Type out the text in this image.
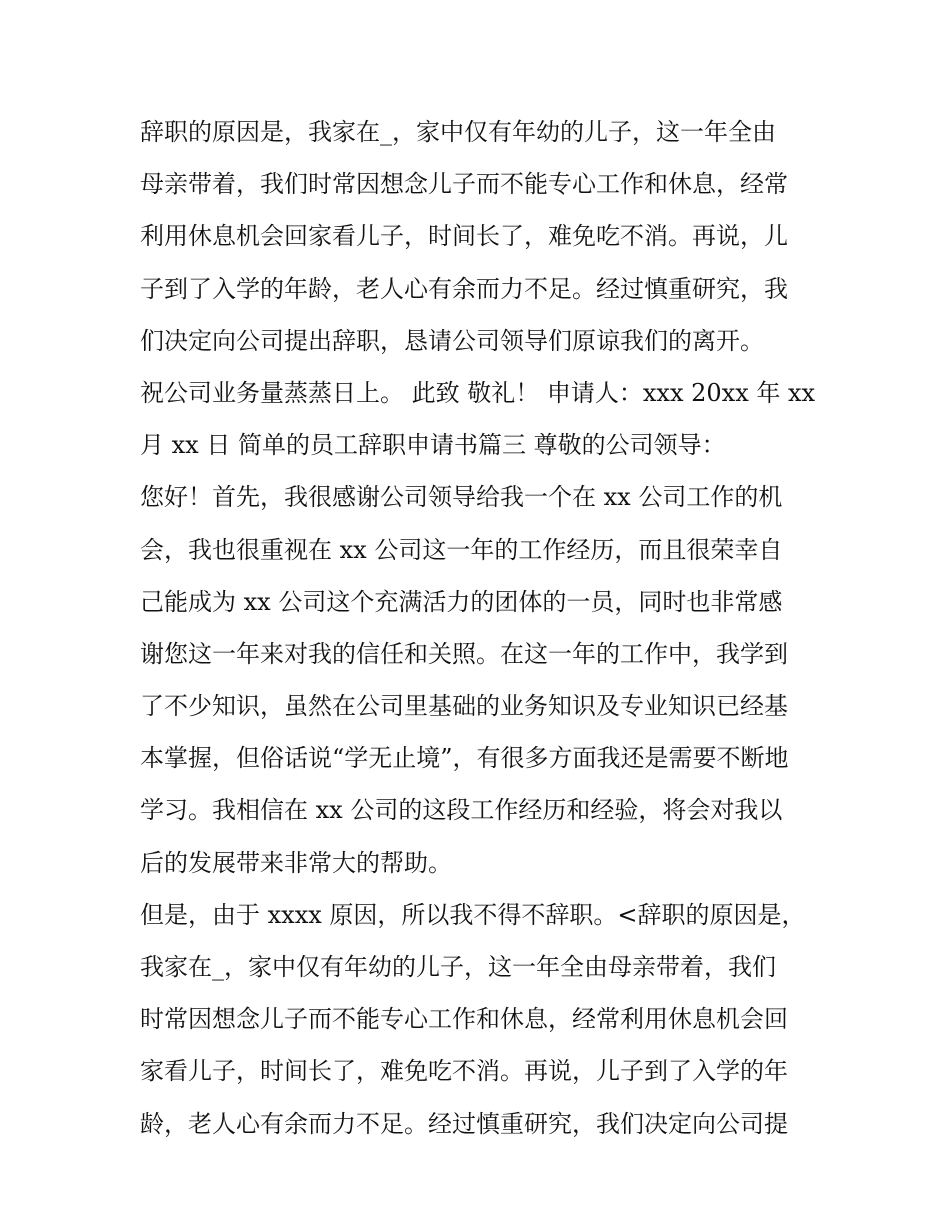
辞职的原因是，我家在_，家中仅有年幼的儿子，这一年全由
母亲带着，我们时常因想念儿子而不能专心工作和休息，经常
利用休息机会回家看儿子，时间长了，难免吃不消。再说，儿
子到了入学的年龄，老人心有余而力不足。经过慎重研究，我
们决定向公司提出辞职，恳请公司领导们原谅我们的离开。
祝公司业务量蒸蒸日上。 此致 敬礼！ 申请人：xxx 20xx 年 xx
月 xx 日 简单的员工辞职申请书篇三 尊敬的公司领导：
您好！首先，我很感谢公司领导给我一个在 xx 公司工作的机
会，我也很重视在 xx 公司这一年的工作经历，而且很荣幸自
己能成为 xx 公司这个充满活力的团体的一员，同时也非常感
谢您这一年来对我的信任和关照。在这一年的工作中，我学到
了不少知识，虽然在公司里基础的业务知识及专业知识已经基
本掌握，但俗话说“学无止境”，有很多方面我还是需要不断地
学习。我相信在 xx 公司的这段工作经历和经验，将会对我以
后的发展带来非常大的帮助。
但是，由于 xxxx 原因，所以我不得不辞职。<辞职的原因是，
我家在_，家中仅有年幼的儿子，这一年全由母亲带着，我们
时常因想念儿子而不能专心工作和休息，经常利用休息机会回
家看儿子，时间长了，难免吃不消。再说，儿子到了入学的年
龄，老人心有余而力不足。经过慎重研究，我们决定向公司提
